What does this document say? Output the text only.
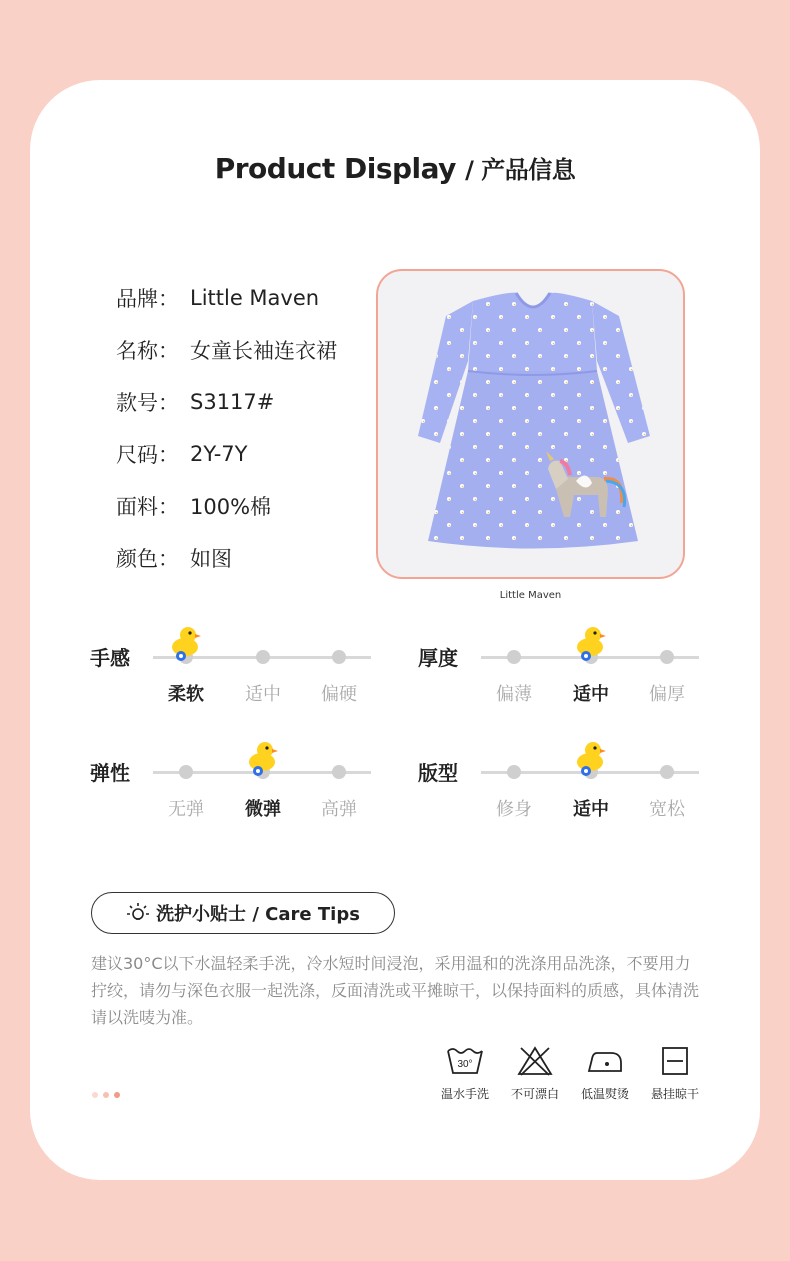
Product Display / 产品信息
品牌： Little Maven
名称： 女童长袖连衣裙
款号： S3117#
尺码： 2Y-7Y
面料： 100%棉
颜色： 如图
Little Maven
手感
柔软	适中	偏硬
厚度
偏薄	适中	偏厚
弹性
无弹	微弹	高弹
版型
修身	适中	宽松
洗护小贴士 / Care Tips
建议30°C以下水温轻柔手洗，冷水短时间浸泡，采用温和的洗涤用品洗涤，不要用力拧绞，请勿与深色衣服一起洗涤，反面清洗或平摊晾干，以保持面料的质感，具体清洗请以洗唛为准。
30°
温水手洗	不可漂白	低温熨烫	悬挂晾干
